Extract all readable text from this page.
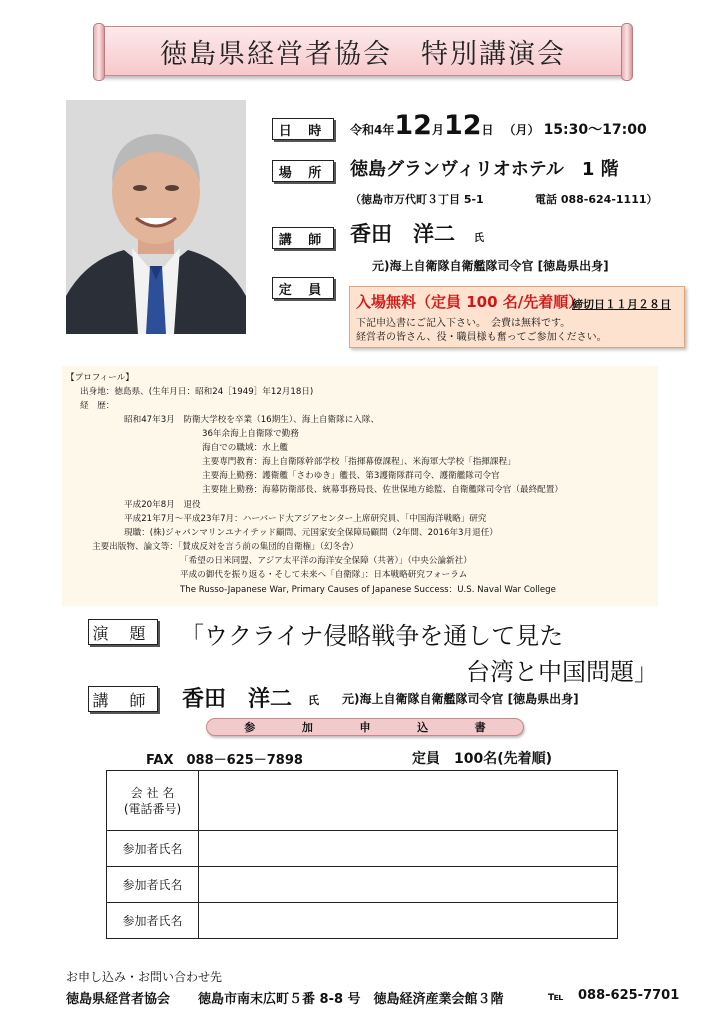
徳島県経営者協会　特別講演会
日 時	令和4年 12 月 12 日 （月） 15:30～17:00
場 所	徳島グランヴィリオホテル　1 階
（徳島市万代町３丁目 5-1	電話 088-624-1111）
講 師	香田　洋二 氏
元)海上自衛隊自衛艦隊司令官 [徳島県出身]
定 員
入場無料（定員 100 名/先着順）
締切日１１月２８日
下記申込書にご記入下さい。　会費は無料です。
経営者の皆さん、役・職員様も奮ってご参加ください。
【プロフィール】
出身地：徳島県、(生年月日：昭和24［1949］年12月18日)
経　歴：
昭和47年3月　防衛大学校を卒業（16期生）、海上自衛隊に入隊、
36年余海上自衛隊で勤務
海自での職域：水上艦
主要専門教育：海上自衛隊幹部学校「指揮幕僚課程」、米海軍大学校「指揮課程」
主要海上勤務：護衛艦「さわゆき」艦長、第3護衛隊群司令、護衛艦隊司令官
主要陸上勤務：海幕防衛部長、統幕事務局長、佐世保地方総監、自衛艦隊司令官（最終配置）
平成20年8月　退役
平成21年7月～平成23年7月：ハーバード大アジアセンター上席研究員、「中国海洋戦略」研究
現職：(株)ジャパンマリンユナイテッド顧問、元国家安全保障局顧問（2年間、2016年3月退任）
主要出版物、論文等：「賛成反対を言う前の集団的自衛権」（幻冬舎）
「希望の日米同盟、アジア太平洋の海洋安全保障（共著）」（中央公論新社）
平成の御代を振り返る・そして未来へ「自衛隊」：日本戦略研究フォーラム
The Russo-Japanese War, Primary Causes of Japanese Success：U.S. Naval War College
演 題 「ウクライナ侵略戦争を通して見た
台湾と中国問題」
講 師 香田　洋二 氏 元)海上自衛隊自衛艦隊司令官 [徳島県出身]
参	加	申	込	書
FAX　088－625－7898	定員　100名(先着順)
会 社 名
(電話番号)	

参加者氏名	
参加者氏名	
参加者氏名	
お申し込み・お問い合わせ先
徳島県経営者協会 徳島市南末広町５番 8-8 号　徳島経済産業会館３階	℡ 088-625-7701
